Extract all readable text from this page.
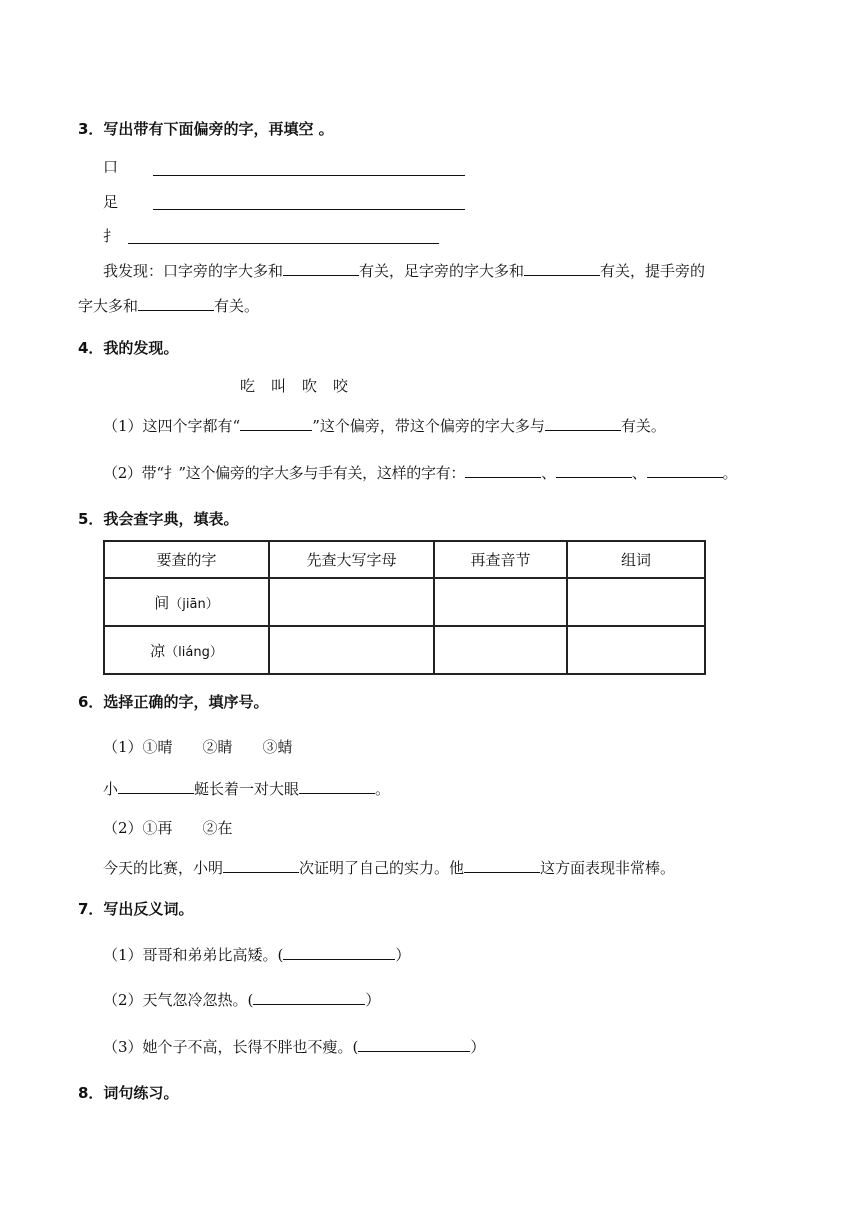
3．写出带有下面偏旁的字，再填空 。
口
足
扌
我发现：口字旁的字大多和	有关，足字旁的字大多和	有关，提手旁的
字大多和	有关。
4．我的发现。
吃 叫 吹 咬
（1）这四个字都有“	”这个偏旁，带这个偏旁的字大多与	有关。
（2）带“扌”这个偏旁的字大多与手有关，这样的字有：	、	、	。
5．我会查字典，填表。
要查的字	先查大写字母	再查音节	组词
间（jiān）			
凉（liáng）			
6．选择正确的字，填序号。
（1）①晴　　②睛　　③蜻
小	蜓长着一对大眼	。
（2）①再　　②在
今天的比赛，小明	次证明了自己的实力。他	这方面表现非常棒。
7．写出反义词。
（1）哥哥和弟弟比高矮。(	）
（2）天气忽冷忽热。(	）
（3）她个子不高，长得不胖也不瘦。(	）
8．词句练习。
